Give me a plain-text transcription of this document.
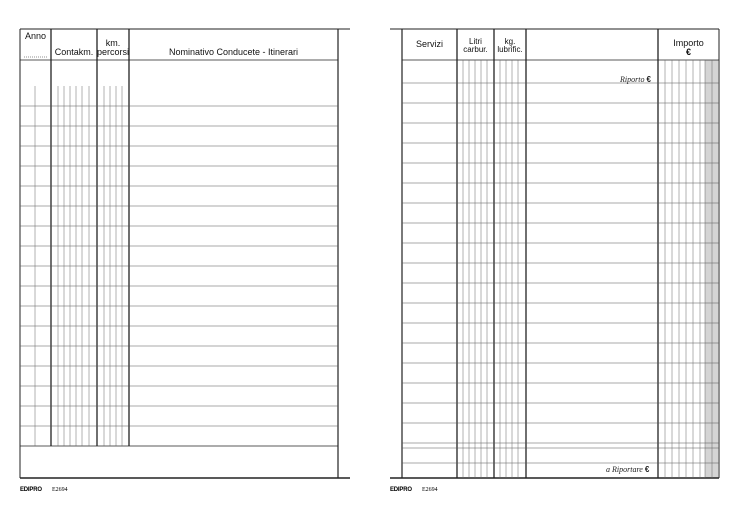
Anno
Contakm.
km.
percorsi	Nominativo Conducete - Itinerari
EDIPRO E2694
Servizi	Litri
carbur.
kg.
lubrific.
Importo
€
Riporto €
a Riportare €
EDIPRO E2694
